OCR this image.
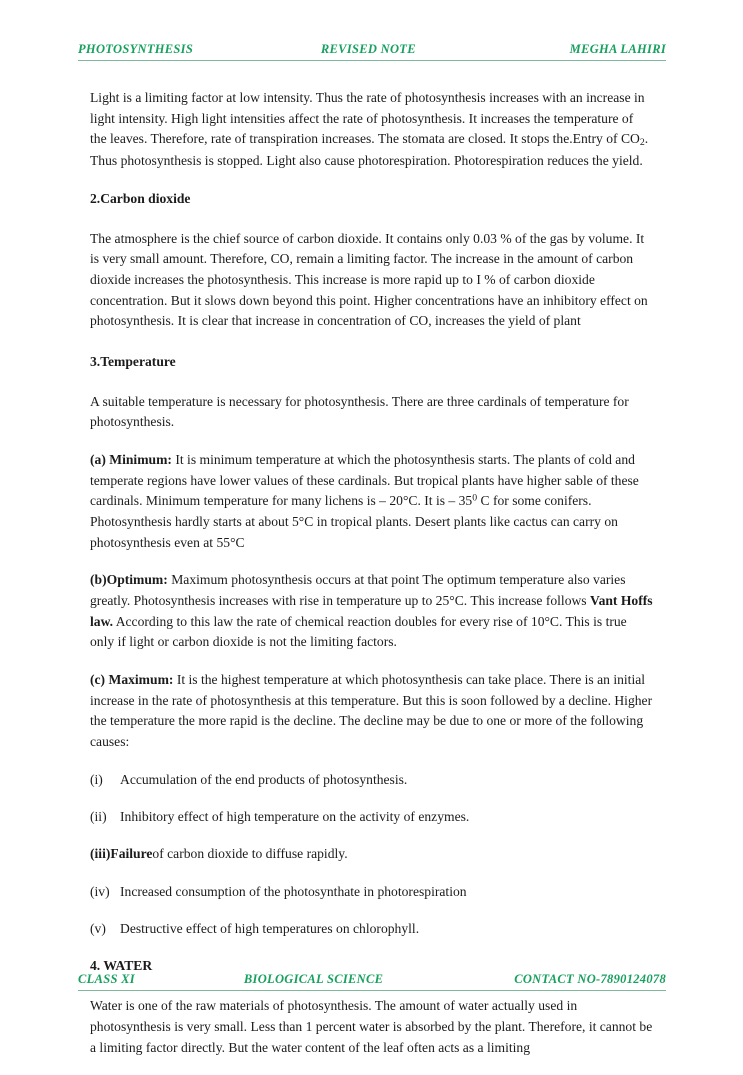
PHOTOSYNTHESIS	REVISED NOTE	MEGHA LAHIRI

Light is a limiting factor at low intensity. Thus the rate of photosynthesis increases with an increase in light intensity. High light intensities affect the rate of photosynthesis. It increases the temperature of the leaves. Therefore, rate of transpiration increases. The stomata are closed. It stops the.Entry of $CO_2$. Thus photosynthesis is stopped. Light also cause photorespiration. Photorespiration reduces the yield.

2.Carbon dioxide

The atmosphere is the chief source of carbon dioxide. It contains only 0.03 % of the gas by volume. It is very small amount. Therefore, CO, remain a limiting factor. The increase in the amount of carbon dioxide increases the photosynthesis. This increase is more rapid up to I % of carbon dioxide concentration. But it slows down beyond this point. Higher concentrations have an inhibitory effect on photosynthesis. It is clear that increase in concentration of CO, increases the yield of plant

3.Temperature

A suitable temperature is necessary for photosynthesis. There are three cardinals of temperature for photosynthesis.

(a) Minimum: It is minimum temperature at which the photosynthesis starts. The plants of cold and temperate regions have lower values of these cardinals. But tropical plants have higher sable of these cardinals. Minimum temperature for many lichens is – 20°C. It is – $35^0$ C for some conifers. Photosynthesis hardly starts at about 5°C in tropical plants. Desert plants like cactus can carry on photosynthesis even at 55°C

(b)Optimum: Maximum photosynthesis occurs at that point The optimum temperature also varies greatly. Photosynthesis increases with rise in temperature up to 25°C. This increase follows Vant Hoffs law. According to this law the rate of chemical reaction doubles for every rise of 10°C. This is true only if light or carbon dioxide is not the limiting factors.

(c) Maximum: It is the highest temperature at which photosynthesis can take place. There is an initial increase in the rate of photosynthesis at this temperature. But this is soon followed by a decline. Higher the temperature the more rapid is the decline. The decline may be due to one or more of the following causes:

(i)	Accumulation of the end products of photosynthesis.
(ii) Inhibitory effect of high temperature on the activity of enzymes.
(iii)Failure of carbon dioxide to diffuse rapidly.
(iv) Increased consumption of the photosynthate in photorespiration
(v)	Destructive effect of high temperatures on chlorophyll.
4. WATER

Water is one of the raw materials of photosynthesis. The amount of water actually used in photosynthesis is very small. Less than 1 percent water is absorbed by the plant. Therefore, it cannot be a limiting factor directly. But the water content of the leaf often acts as a limiting

CLASS XI	BIOLOGICAL SCIENCE	CONTACT NO-7890124078
